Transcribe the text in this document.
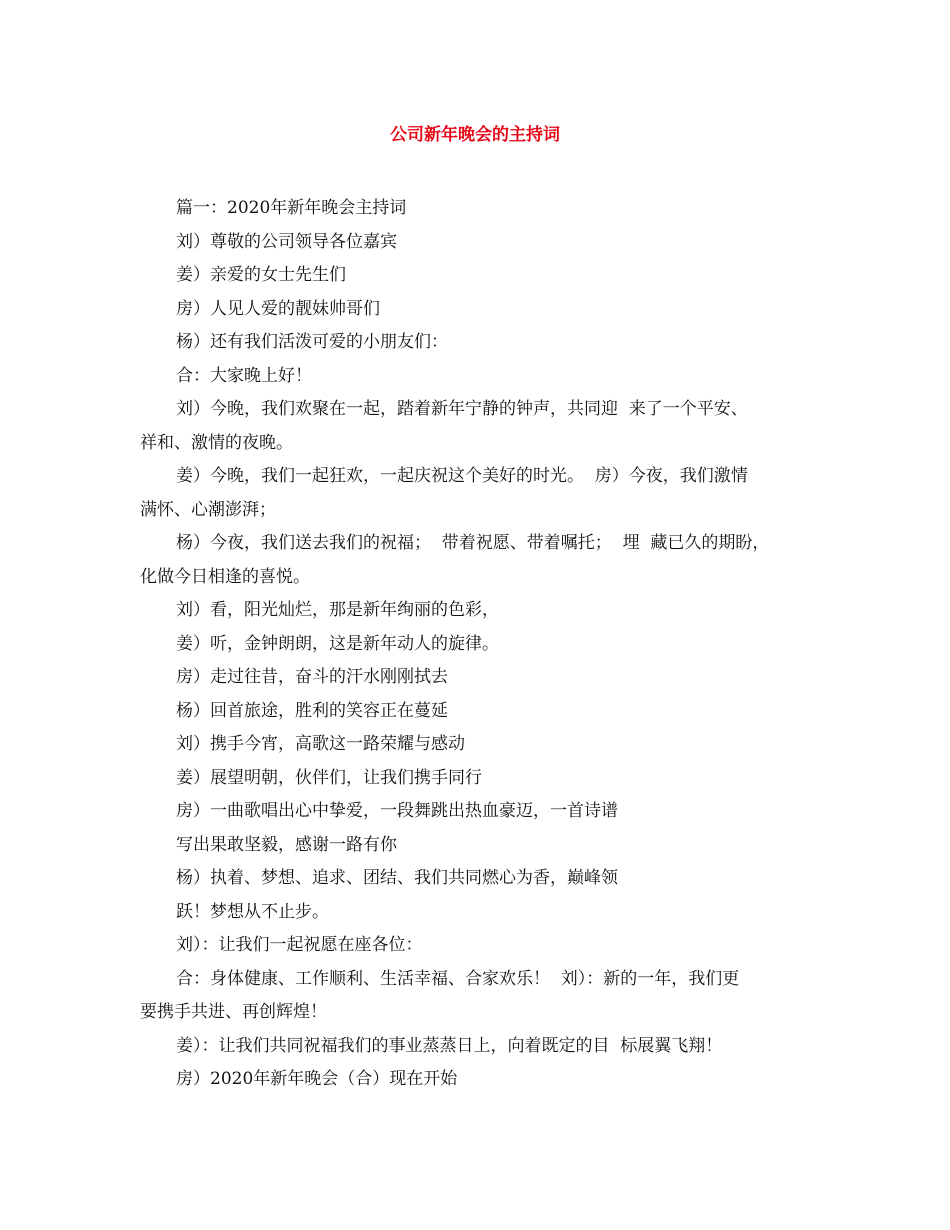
公司新年晚会的主持词

篇一：2020年新年晚会主持词

刘）尊敬的公司领导各位嘉宾

姜）亲爱的女士先生们

房）人见人爱的靓妹帅哥们

杨）还有我们活泼可爱的小朋友们：

合：大家晚上好！

刘）今晚，我们欢聚在一起，踏着新年宁静的钟声，共同迎  来了一个平安、

祥和、激情的夜晚。

姜）今晚，我们一起狂欢，一起庆祝这个美好的时光。  房）今夜，我们激情

满怀、心潮澎湃；

杨）今夜，我们送去我们的祝福；  带着祝愿、带着嘱托；  埋  藏已久的期盼，

化做今日相逢的喜悦。

刘）看，阳光灿烂，那是新年绚丽的色彩，

姜）听，金钟朗朗，这是新年动人的旋律。

房）走过往昔，奋斗的汗水刚刚拭去

杨）回首旅途，胜利的笑容正在蔓延

刘）携手今宵，高歌这一路荣耀与感动

姜）展望明朝，伙伴们，让我们携手同行

房）一曲歌唱出心中挚爱，一段舞跳出热血豪迈，一首诗谱

写出果敢坚毅，感谢一路有你

杨）执着、梦想、追求、团结、我们共同燃心为香，巅峰领

跃！梦想从不止步。

刘）：让我们一起祝愿在座各位：

合：身体健康、工作顺利、生活幸福、合家欢乐！  刘）：新的一年，我们更

要携手共进、再创辉煌！

姜）：让我们共同祝福我们的事业蒸蒸日上，向着既定的目  标展翼飞翔！

房）2020年新年晚会（合）现在开始
